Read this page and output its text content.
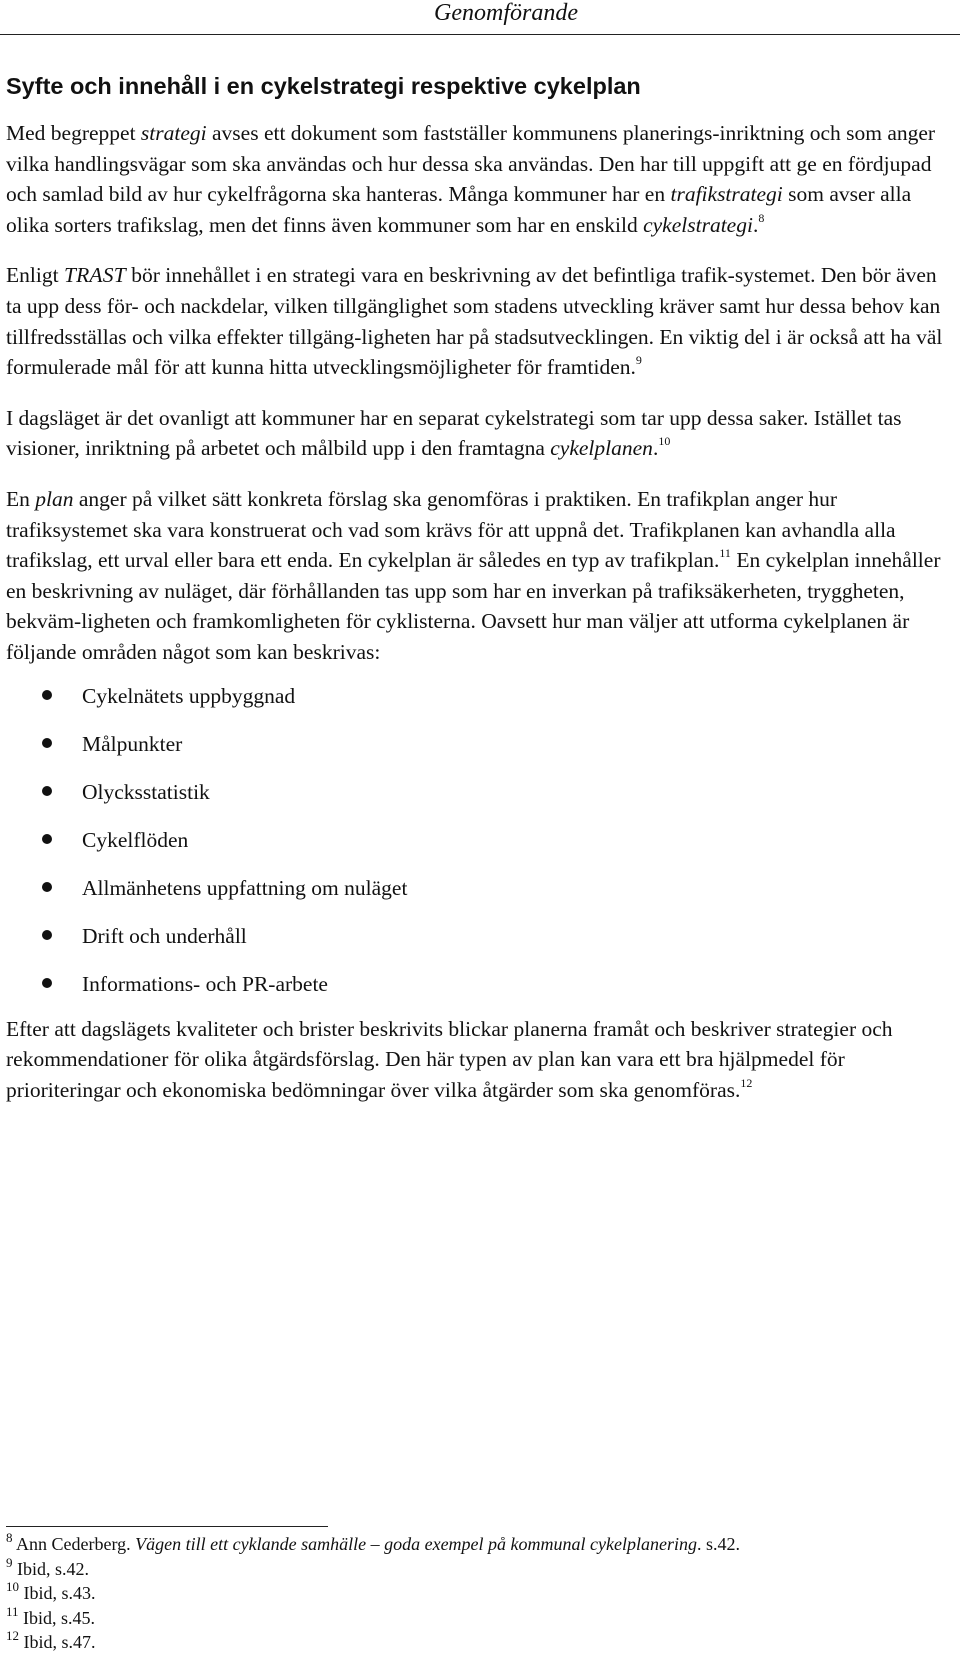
Genomförande
Syfte och innehåll i en cykelstrategi respektive cykelplan

Med begreppet strategi avses ett dokument som fastställer kommunens planerings-inriktning och som anger vilka handlingsvägar som ska användas och hur dessa ska användas. Den har till uppgift att ge en fördjupad och samlad bild av hur cykelfrågorna ska hanteras. Många kommuner har en trafikstrategi som avser alla olika sorters trafikslag, men det finns även kommuner som har en enskild cykelstrategi.$^8$

Enligt TRAST bör innehållet i en strategi vara en beskrivning av det befintliga trafik-systemet. Den bör även ta upp dess för- och nackdelar, vilken tillgänglighet som stadens utveckling kräver samt hur dessa behov kan tillfredsställas och vilka effekter tillgäng-ligheten har på stadsutvecklingen. En viktig del i är också att ha väl formulerade mål för att kunna hitta utvecklingsmöjligheter för framtiden.$^9$

I dagsläget är det ovanligt att kommuner har en separat cykelstrategi som tar upp dessa saker. Istället tas visioner, inriktning på arbetet och målbild upp i den framtagna cykelplanen.$^{10}$

En plan anger på vilket sätt konkreta förslag ska genomföras i praktiken. En trafikplan anger hur trafiksystemet ska vara konstruerat och vad som krävs för att uppnå det. Trafikplanen kan avhandla alla trafikslag, ett urval eller bara ett enda. En cykelplan är således en typ av trafikplan.$^{11}$ En cykelplan innehåller en beskrivning av nuläget, där förhållanden tas upp som har en inverkan på trafiksäkerheten, tryggheten, bekväm-ligheten och framkomligheten för cyklisterna. Oavsett hur man väljer att utforma cykelplanen är följande områden något som kan beskrivas:

Cykelnätets uppbyggnad
Målpunkter
Olycksstatistik
Cykelflöden
Allmänhetens uppfattning om nuläget
Drift och underhåll
Informations- och PR-arbete

Efter att dagslägets kvaliteter och brister beskrivits blickar planerna framåt och beskriver strategier och rekommendationer för olika åtgärdsförslag. Den här typen av plan kan vara ett bra hjälpmedel för prioriteringar och ekonomiska bedömningar över vilka åtgärder som ska genomföras.$^{12}$

$^8$ Ann Cederberg. Vägen till ett cyklande samhälle – goda exempel på kommunal cykelplanering. s.42.
$^9$ Ibid, s.42.
$^{10}$ Ibid, s.43.
$^{11}$ Ibid, s.45.
$^{12}$ Ibid, s.47.
